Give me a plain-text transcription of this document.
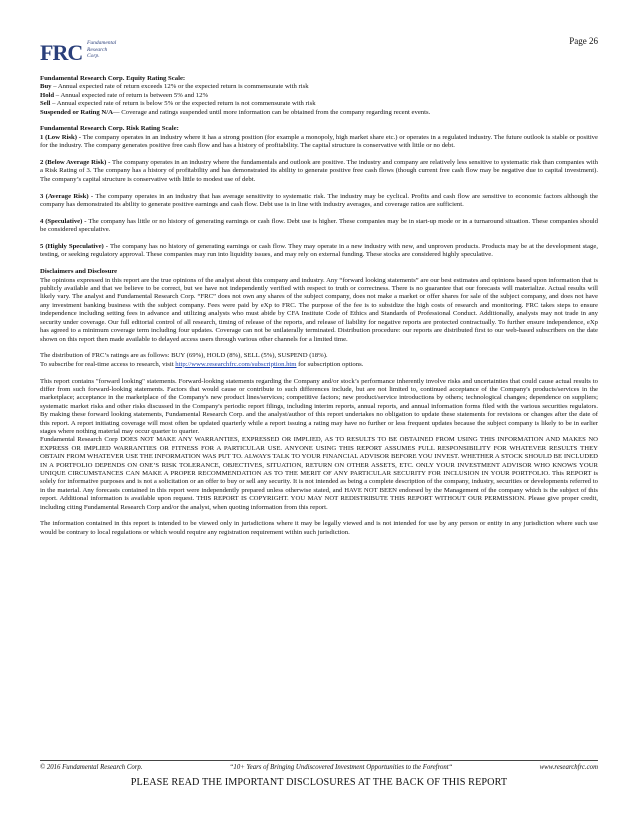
FRC Fundamental
Research
Corp.
Page 26

Fundamental Research Corp. Equity Rating Scale:
Buy – Annual expected rate of return exceeds 12% or the expected return is commensurate with risk
Hold – Annual expected rate of return is between 5% and 12%
Sell – Annual expected rate of return is below 5% or the expected return is not commensurate with risk
Suspended or Rating N/A— Coverage and ratings suspended until more information can be obtained from the company regarding recent events.

Fundamental Research Corp. Risk Rating Scale:

1 (Low Risk) - The company operates in an industry where it has a strong position (for example a monopoly, high market share etc.) or operates in a regulated industry. The future outlook is stable or positive for the industry. The company generates positive free cash flow and has a history of profitability. The capital structure is conservative with little or no debt.

2 (Below Average Risk) - The company operates in an industry where the fundamentals and outlook are positive. The industry and company are relatively less sensitive to systematic risk than companies with a Risk Rating of 3. The company has a history of profitability and has demonstrated its ability to generate positive free cash flows (though current free cash flow may be negative due to capital investment). The company’s capital structure is conservative with little to modest use of debt.

3 (Average Risk) - The company operates in an industry that has average sensitivity to systematic risk. The industry may be cyclical. Profits and cash flow are sensitive to economic factors although the company has demonstrated its ability to generate positive earnings and cash flow. Debt use is in line with industry averages, and coverage ratios are sufficient.

4 (Speculative) - The company has little or no history of generating earnings or cash flow. Debt use is higher. These companies may be in start-up mode or in a turnaround situation. These companies should be considered speculative.

5 (Highly Speculative) - The company has no history of generating earnings or cash flow. They may operate in a new industry with new, and unproven products. Products may be at the development stage, testing, or seeking regulatory approval. These companies may run into liquidity issues, and may rely on external funding. These stocks are considered highly speculative.

Disclaimers and Disclosure

The opinions expressed in this report are the true opinions of the analyst about this company and industry. Any “forward looking statements” are our best estimates and opinions based upon information that is publicly available and that we believe to be correct, but we have not independently verified with respect to truth or correctness. There is no guarantee that our forecasts will materialize. Actual results will likely vary. The analyst and Fundamental Research Corp. “FRC” does not own any shares of the subject company, does not make a market or offer shares for sale of the subject company, and does not have any investment banking business with the subject company. Fees were paid by eXp to FRC. The purpose of the fee is to subsidize the high costs of research and monitoring. FRC takes steps to ensure independence including setting fees in advance and utilizing analysts who must abide by CFA Institute Code of Ethics and Standards of Professional Conduct. Additionally, analysts may not trade in any security under coverage. Our full editorial control of all research, timing of release of the reports, and release of liability for negative reports are protected contractually. To further ensure independence, eXp has agreed to a minimum coverage term including four updates. Coverage can not be unilaterally terminated. Distribution procedure: our reports are distributed first to our web-based subscribers on the date shown on this report then made available to delayed access users through various other channels for a limited time.

The distribution of FRC’s ratings are as follows: BUY (69%), HOLD (8%), SELL (5%), SUSPEND (18%).
To subscribe for real-time access to research, visit http://www.researchfrc.com/subscription.htm for subscription options.

This report contains "forward looking" statements. Forward-looking statements regarding the Company and/or stock’s performance inherently involve risks and uncertainties that could cause actual results to differ from such forward-looking statements. Factors that would cause or contribute to such differences include, but are not limited to, continued acceptance of the Company's products/services in the marketplace; acceptance in the marketplace of the Company's new product lines/services; competitive factors; new product/service introductions by others; technological changes; dependence on suppliers; systematic market risks and other risks discussed in the Company's periodic report filings, including interim reports, annual reports, and annual information forms filed with the various securities regulators. By making these forward looking statements, Fundamental Research Corp. and the analyst/author of this report undertakes no obligation to update these statements for revisions or changes after the date of this report. A report initiating coverage will most often be updated quarterly while a report issuing a rating may have no further or less frequent updates because the subject company is likely to be in earlier stages where nothing material may occur quarter to quarter.

Fundamental Research Corp DOES NOT MAKE ANY WARRANTIES, EXPRESSED OR IMPLIED, AS TO RESULTS TO BE OBTAINED FROM USING THIS INFORMATION AND MAKES NO EXPRESS OR IMPLIED WARRANTIES OR FITNESS FOR A PARTICULAR USE. ANYONE USING THIS REPORT ASSUMES FULL RESPONSIBILITY FOR WHATEVER RESULTS THEY OBTAIN FROM WHATEVER USE THE INFORMATION WAS PUT TO. ALWAYS TALK TO YOUR FINANCIAL ADVISOR BEFORE YOU INVEST. WHETHER A STOCK SHOULD BE INCLUDED IN A PORTFOLIO DEPENDS ON ONE’S RISK TOLERANCE, OBJECTIVES, SITUATION, RETURN ON OTHER ASSETS, ETC. ONLY YOUR INVESTMENT ADVISOR WHO KNOWS YOUR UNIQUE CIRCUMSTANCES CAN MAKE A PROPER RECOMMENDATION AS TO THE MERIT OF ANY PARTICULAR SECURITY FOR INCLUSION IN YOUR PORTFOLIO. This REPORT is solely for informative purposes and is not a solicitation or an offer to buy or sell any security. It is not intended as being a complete description of the company, industry, securities or developments referred to in the material. Any forecasts contained in this report were independently prepared unless otherwise stated, and HAVE NOT BEEN endorsed by the Management of the company which is the subject of this report. Additional information is available upon request. THIS REPORT IS COPYRIGHT. YOU MAY NOT REDISTRIBUTE THIS REPORT WITHOUT OUR PERMISSION. Please give proper credit, including citing Fundamental Research Corp and/or the analyst, when quoting information from this report.

The information contained in this report is intended to be viewed only in jurisdictions where it may be legally viewed and is not intended for use by any person or entity in any jurisdiction where such use would be contrary to local regulations or which would require any registration requirement within such jurisdiction.

© 2016 Fundamental Research Corp.	“10+ Years of Bringing Undiscovered Investment Opportunities to the Forefront“	www.researchfrc.com
PLEASE READ THE IMPORTANT DISCLOSURES AT THE BACK OF THIS REPORT
